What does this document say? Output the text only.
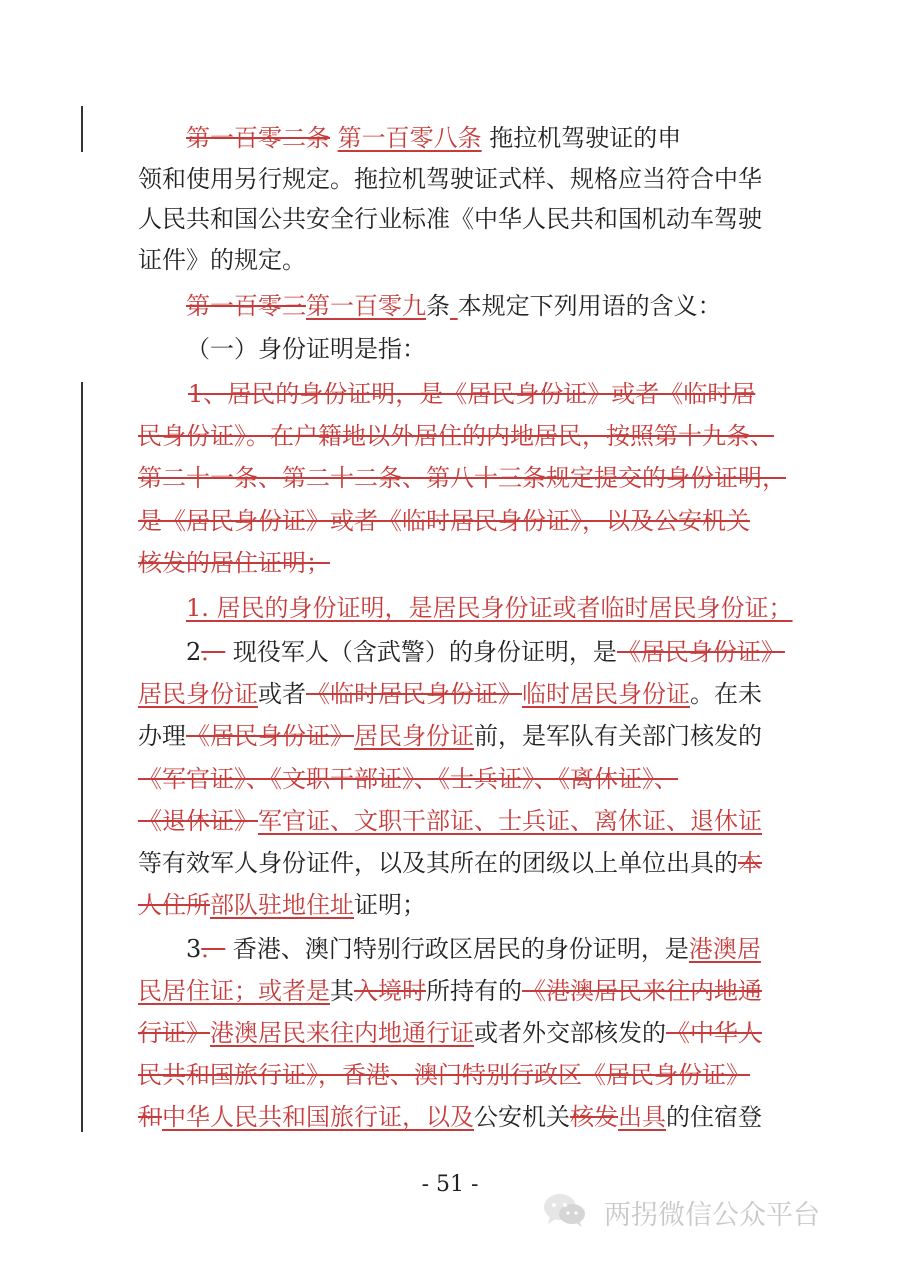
第一百零二条 第一百零八条 拖拉机驾驶证的申
领和使用另行规定。拖拉机驾驶证式样、规格应当符合中华
人民共和国公共安全行业标准《中华人民共和国机动车驾驶
证件》的规定。
第一百零三第一百零九条 本规定下列用语的含义：
（一）身份证明是指：
1、居民的身份证明，是《居民身份证》或者《临时居
民身份证》。在户籍地以外居住的内地居民，按照第十九条、
第二十一条、第二十二条、第八十三条规定提交的身份证明，
是《居民身份证》或者《临时居民身份证》，以及公安机关
核发的居住证明；
1. 居民的身份证明，是居民身份证或者临时居民身份证；
2． 现役军人（含武警）的身份证明，是《居民身份证》
居民身份证或者《临时居民身份证》临时居民身份证。在未
办理《居民身份证》居民身份证前，是军队有关部门核发的
《军官证》、《文职干部证》、《士兵证》、《离休证》、
《退休证》军官证、文职干部证、士兵证、离休证、退休证
等有效军人身份证件，以及其所在的团级以上单位出具的本
人住所部队驻地住址证明；
3． 香港、澳门特别行政区居民的身份证明，是港澳居
民居住证；或者是其入境时所持有的《港澳居民来往内地通
行证》港澳居民来往内地通行证或者外交部核发的《中华人
民共和国旅行证》，香港、澳门特别行政区《居民身份证》
和中华人民共和国旅行证，以及公安机关核发出具的住宿登
- 51 -
两拐微信公众平台
